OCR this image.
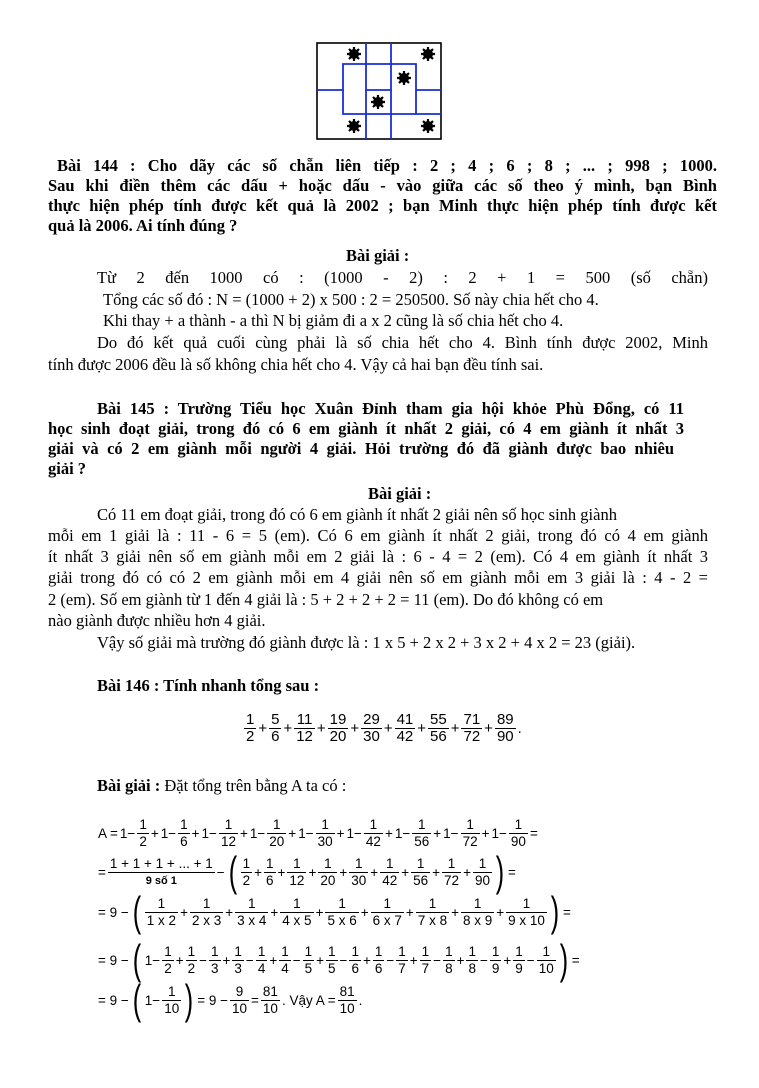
Bài 144 : Cho dãy các số chẵn liên tiếp : 2 ; 4 ; 6 ; 8 ; ... ; 998 ; 1000.
Sau khi điền thêm các dấu + hoặc dấu - vào giữa các số theo ý mình, bạn Bình
thực hiện phép tính được kết quả là 2002 ; bạn Minh thực hiện phép tính được kết
quả là 2006. Ai tính đúng ?
Bài giải :
Từ 2 đến 1000 có : (1000 - 2) : 2 + 1 = 500 (số chẵn)
Tổng các số đó : N = (1000 + 2) x 500 : 2 = 250500. Số này chia hết cho 4.
Khi thay + a thành - a thì N bị giảm đi a x 2 cũng là số chia hết cho 4.
Do đó kết quả cuối cùng phải là số chia hết cho 4. Bình tính được 2002, Minh
tính được 2006 đều là số không chia hết cho 4. Vậy cả hai bạn đều tính sai.
Bài 145 : Trường Tiểu học Xuân Đỉnh tham gia hội khỏe Phù Đổng, có 11
học sinh đoạt giải, trong đó có 6 em giành ít nhất 2 giải, có 4 em giành ít nhất 3
giải và có 2 em giành mỗi người 4 giải. Hỏi trường đó đã giành được bao nhiêu
giải ?
Bài giải :
Có 11 em đoạt giải, trong đó có 6 em giành ít nhất 2 giải nên số học sinh giành
mỗi em 1 giải là : 11 - 6 = 5 (em). Có 6 em giành ít nhất 2 giải, trong đó có 4 em giành
ít nhất 3 giải nên số em giành mỗi em 2 giải là : 6 - 4 = 2 (em). Có 4 em giành ít nhất 3
giải trong đó có có 2 em giành mỗi em 4 giải nên số em giành mỗi em 3 giải là : 4 - 2 =
2 (em). Số em giành từ 1 đến 4 giải là : 5 + 2 + 2 + 2 = 11 (em). Do đó không có em
nào giành được nhiều hơn 4 giải.
Vậy số giải mà trường đó giành được là : 1 x 5 + 2 x 2 + 3 x 2 + 4 x 2 = 23 (giải).
Bài 146 : Tính nhanh tổng sau :
$\frac{1}{2} + \frac{5}{6} + \frac{11}{12} + \frac{19}{20} + \frac{29}{30} + \frac{41}{42} + \frac{55}{56} + \frac{71}{72} + \frac{89}{90}$ .
Bài giải : Đặt tổng trên bằng A ta có :
$A = 1- \frac{1}{2} + 1- \frac{1}{6} + 1- \frac{1}{12} + 1- \frac{1}{20} + 1- \frac{1}{30} + 1- \frac{1}{42} + 1- \frac{1}{56} + 1- \frac{1}{72} + 1- \frac{1}{90}$ =
=
1 + 1 + 1 + ... + 1
9 số 1
− ( $\frac{1}{2} + \frac{1}{6} + \frac{1}{12} + \frac{1}{20} + \frac{1}{30} + \frac{1}{42} + \frac{1}{56} + \frac{1}{72} + \frac{1}{90}$ ) =
= 9 − ( $\frac{1}{1 x 2} + \frac{1}{2 x 3} + \frac{1}{3 x 4} + \frac{1}{4 x 5} + \frac{1}{5 x 6} + \frac{1}{6 x 7} + \frac{1}{7 x 8} + \frac{1}{8 x 9} + \frac{1}{9 x 10}$ ) =
= 9 − ( $1- \frac{1}{2} + \frac{1}{2} - \frac{1}{3} + \frac{1}{3} - \frac{1}{4} + \frac{1}{4} - \frac{1}{5} + \frac{1}{5} - \frac{1}{6} + \frac{1}{6} - \frac{1}{7} + \frac{1}{7} - \frac{1}{8} + \frac{1}{8} - \frac{1}{9} + \frac{1}{9} - \frac{1}{10}$ ) =
= 9 − ( $1- \frac{1}{10}$ ) = $9 - \frac{9}{10} = \frac{81}{10}$ . Vậy $A = \frac{81}{10}$ .
